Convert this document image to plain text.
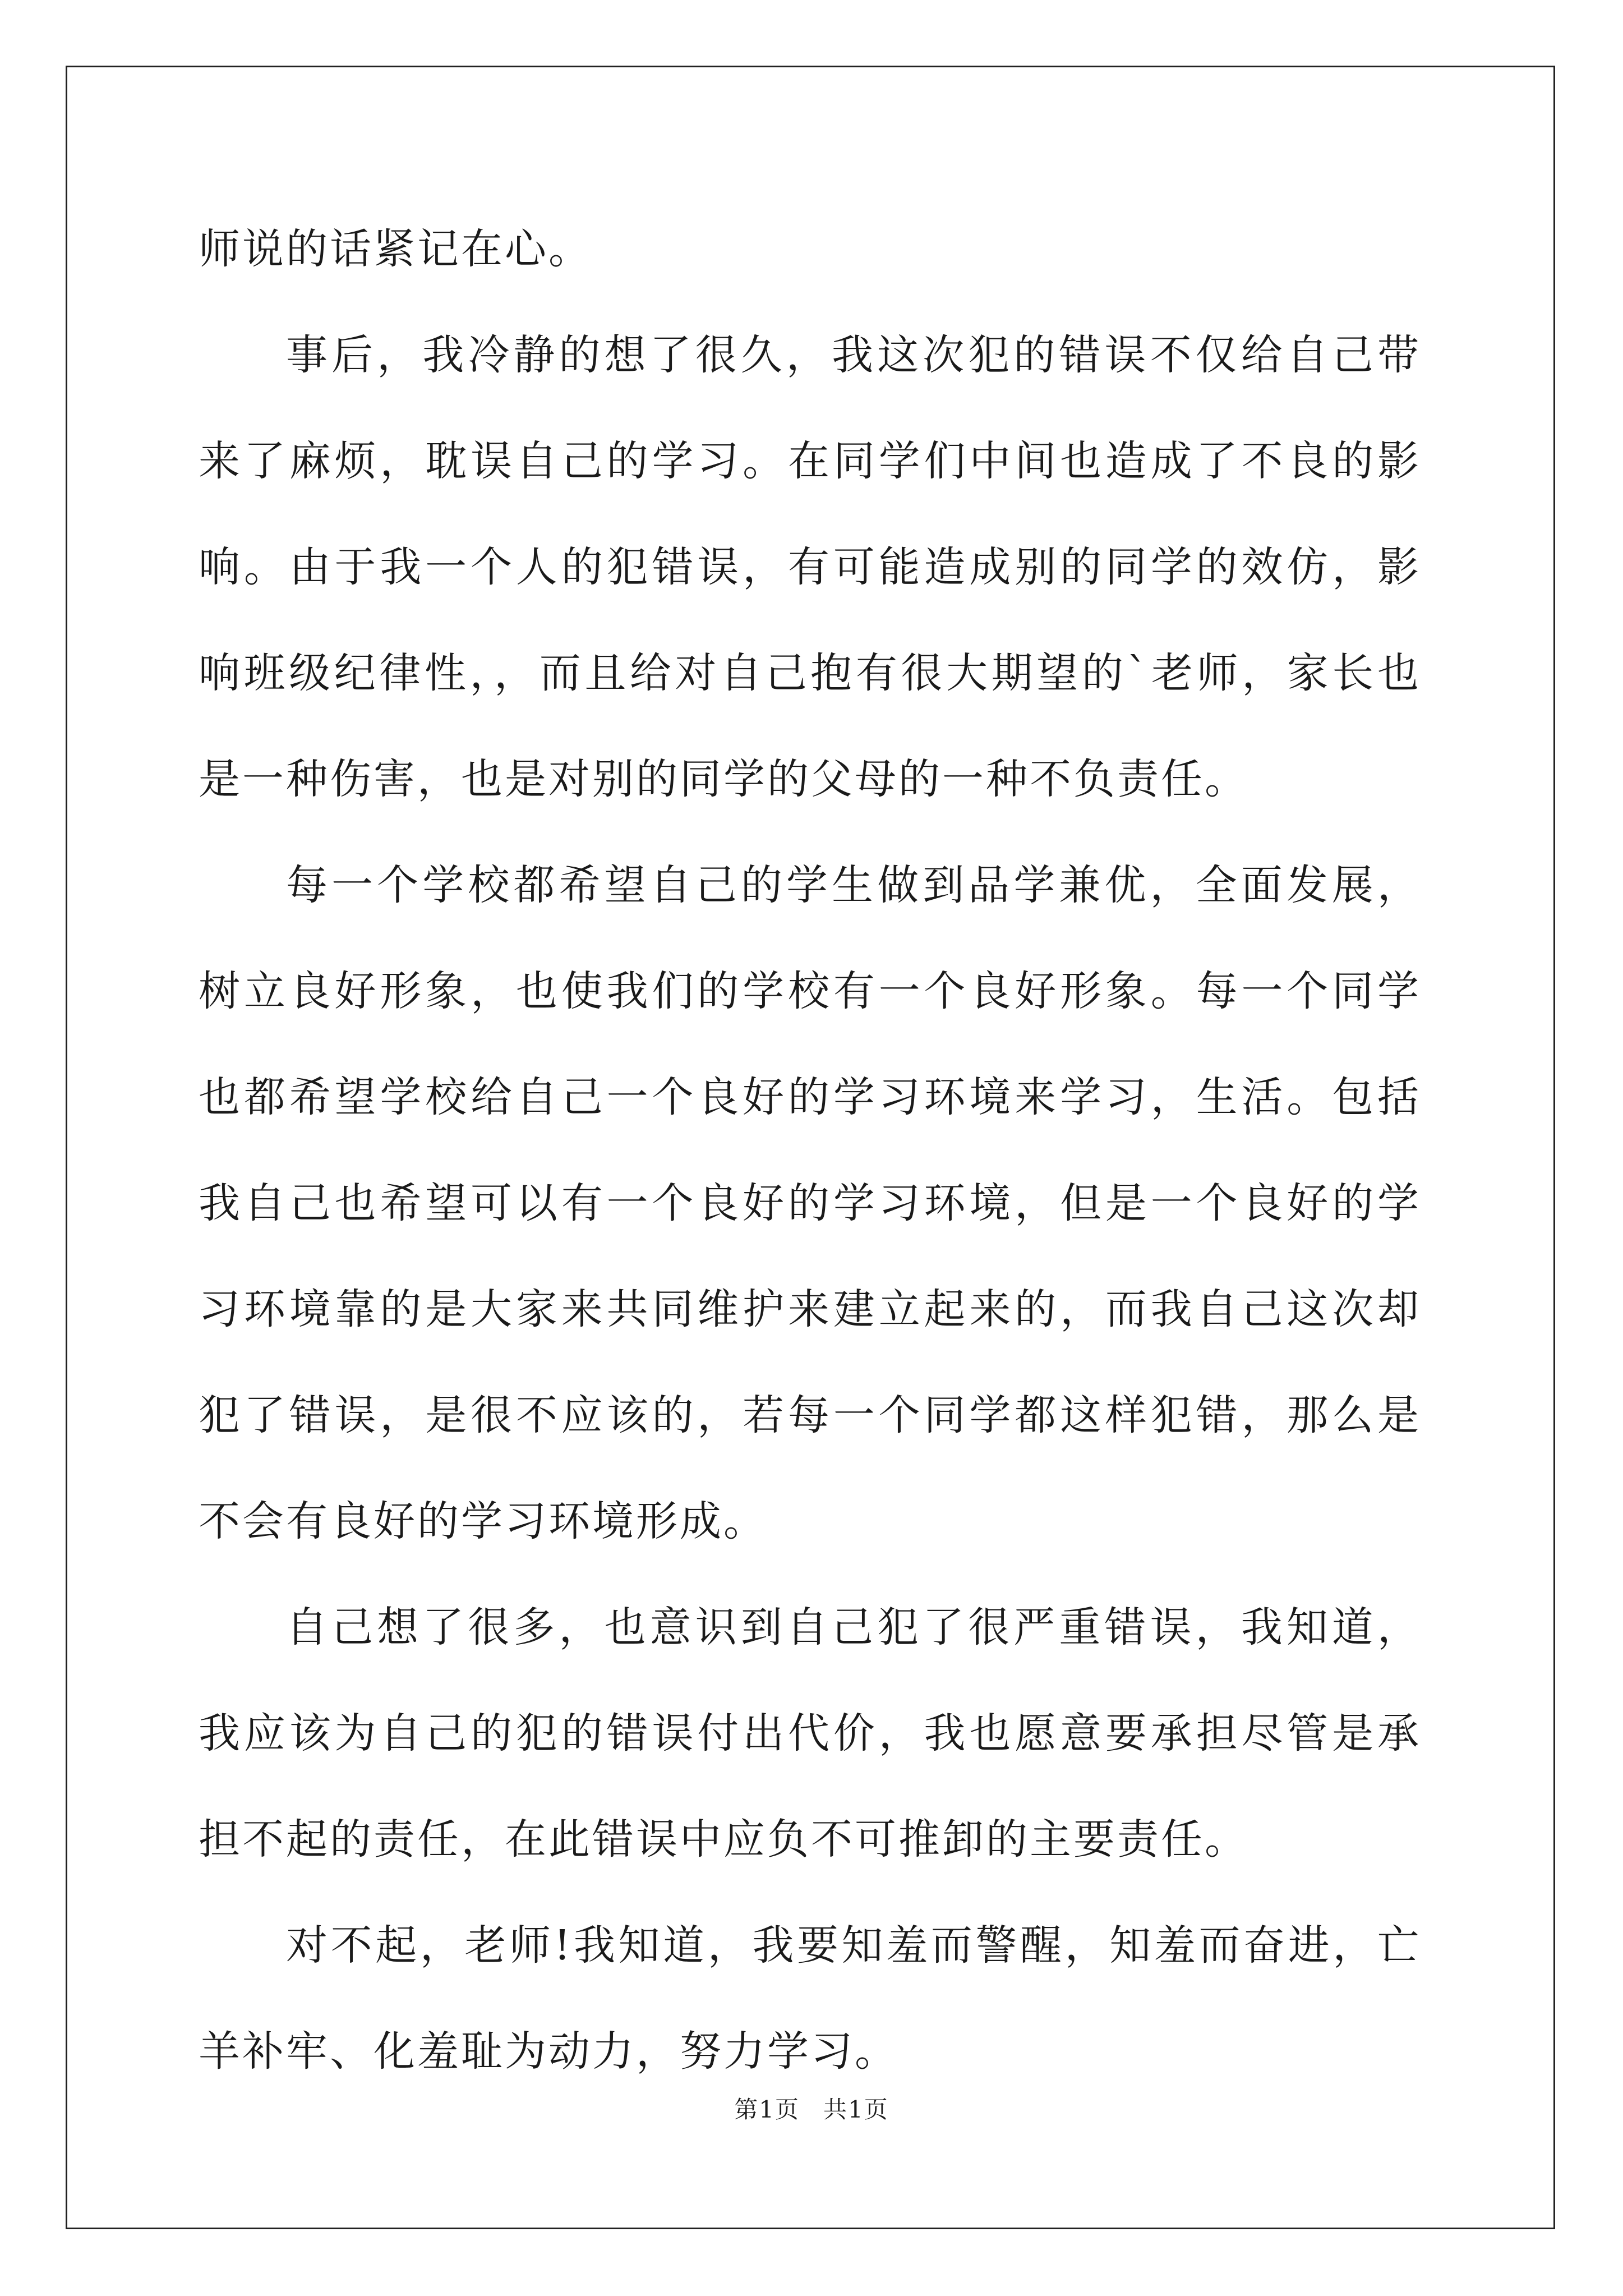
师说的话紧记在心。

事后，我冷静的想了很久，我这次犯的错误不仅给自己带来了麻烦，耽误自己的学习。在同学们中间也造成了不良的影响。由于我一个人的犯错误，有可能造成别的同学的效仿，影响班级纪律性，，而且给对自己抱有很大期望的`老师，家长也是一种伤害，也是对别的同学的父母的一种不负责任。

每一个学校都希望自己的学生做到品学兼优，全面发展，树立良好形象，也使我们的学校有一个良好形象。每一个同学也都希望学校给自己一个良好的学习环境来学习，生活。包括我自己也希望可以有一个良好的学习环境，但是一个良好的学习环境靠的是大家来共同维护来建立起来的，而我自己这次却犯了错误，是很不应该的，若每一个同学都这样犯错，那么是不会有良好的学习环境形成。

自己想了很多，也意识到自己犯了很严重错误，我知道，我应该为自己的犯的错误付出代价，我也愿意要承担尽管是承担不起的责任，在此错误中应负不可推卸的主要责任。

对不起，老师!我知道，我要知羞而警醒，知羞而奋进，亡羊补牢、化羞耻为动力，努力学习。

第1页 共1页
